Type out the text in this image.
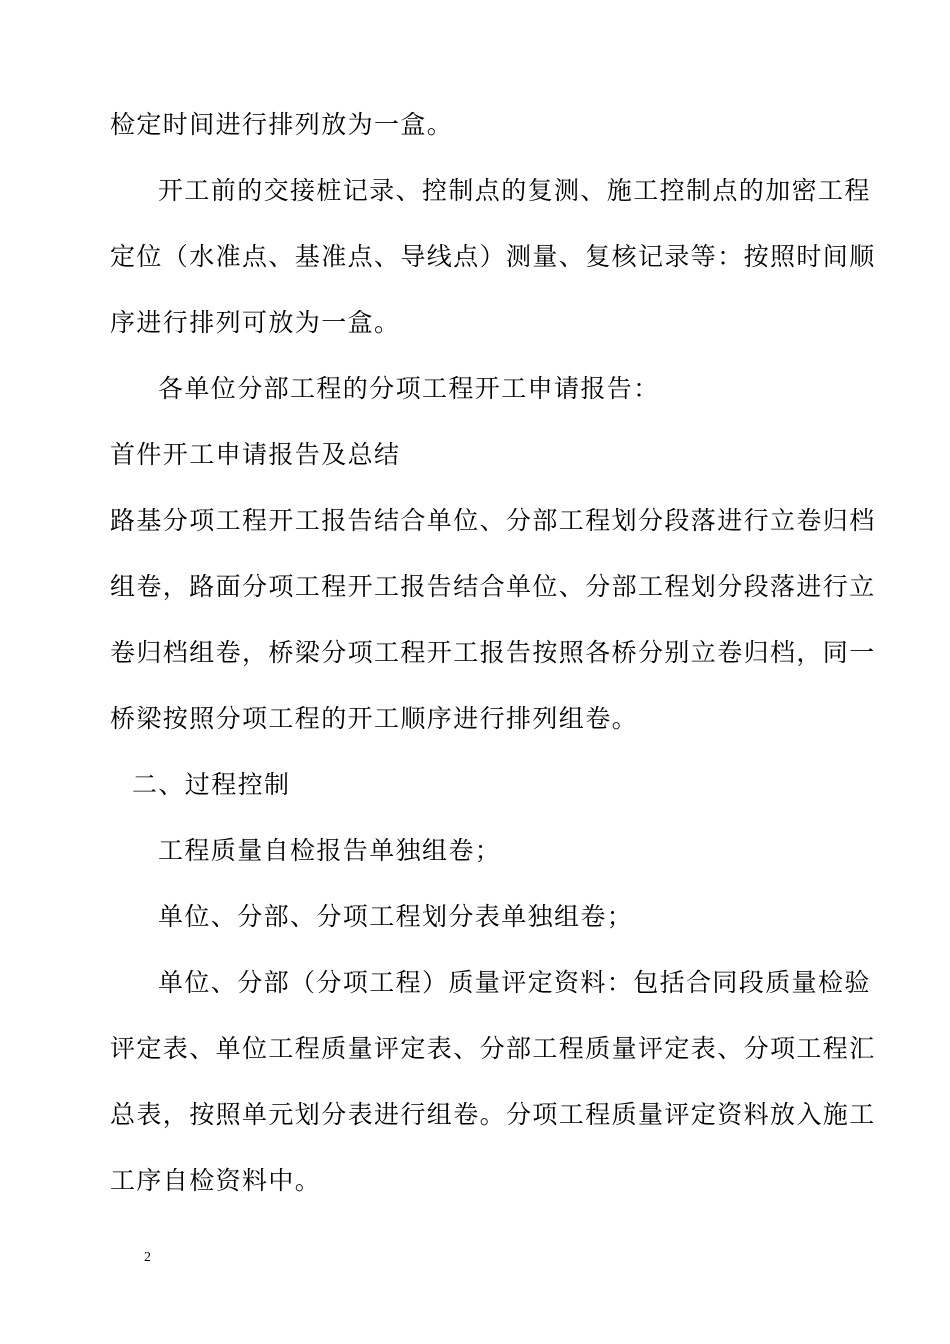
检定时间进行排列放为一盒。
开工前的交接桩记录、控制点的复测、施工控制点的加密工程
定位（水准点、基准点、导线点）测量、复核记录等：按照时间顺
序进行排列可放为一盒。
各单位分部工程的分项工程开工申请报告：
首件开工申请报告及总结
路基分项工程开工报告结合单位、分部工程划分段落进行立卷归档
组卷，路面分项工程开工报告结合单位、分部工程划分段落进行立
卷归档组卷，桥梁分项工程开工报告按照各桥分别立卷归档，同一
桥梁按照分项工程的开工顺序进行排列组卷。
二、过程控制
工程质量自检报告单独组卷；
单位、分部、分项工程划分表单独组卷；
单位、分部（分项工程）质量评定资料：包括合同段质量检验
评定表、单位工程质量评定表、分部工程质量评定表、分项工程汇
总表，按照单元划分表进行组卷。分项工程质量评定资料放入施工
工序自检资料中。
2
